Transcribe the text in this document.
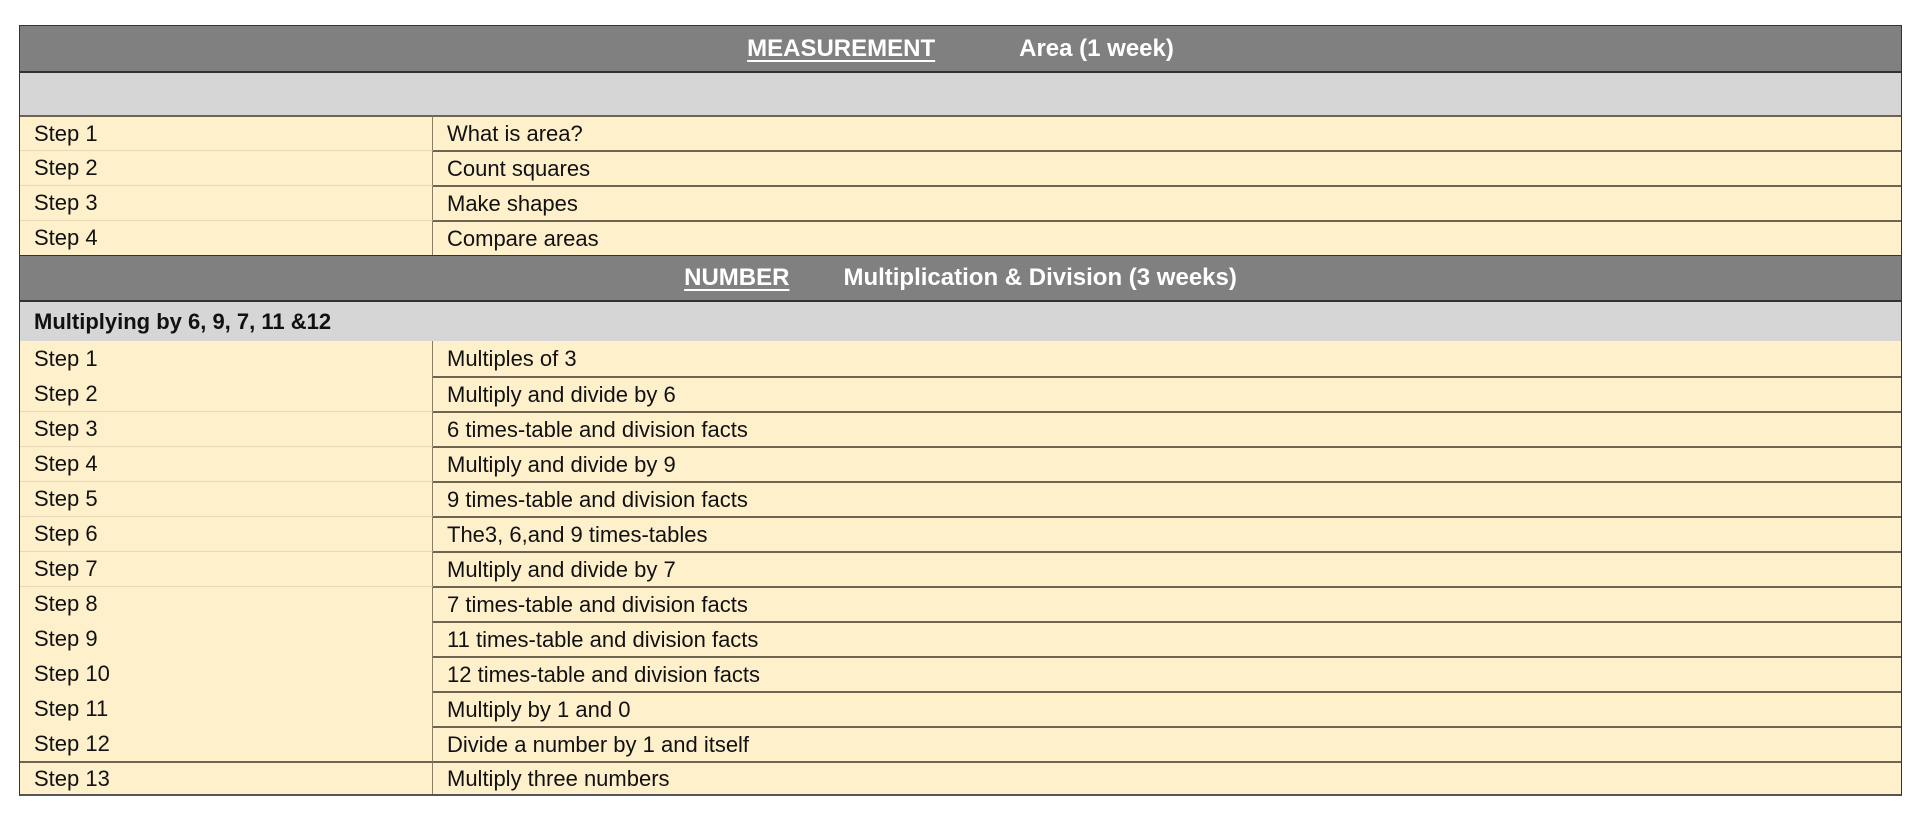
MEASUREMENT	Area (1 week)
Step 1	What is area?
Step 2	Count squares
Step 3	Make shapes
Step 4	Compare areas
NUMBER Multiplication & Division (3 weeks)
Multiplying by 6, 9, 7, 11 &12
Step 1	Multiples of 3
Step 2	Multiply and divide by 6
Step 3	6 times-table and division facts
Step 4	Multiply and divide by 9
Step 5	9 times-table and division facts
Step 6	The3, 6,and 9 times-tables
Step 7	Multiply and divide by 7
Step 8	7 times-table and division facts
Step 9	11 times-table and division facts
Step 10	12 times-table and division facts
Step 11	Multiply by 1 and 0
Step 12	Divide a number by 1 and itself
Step 13	Multiply three numbers
